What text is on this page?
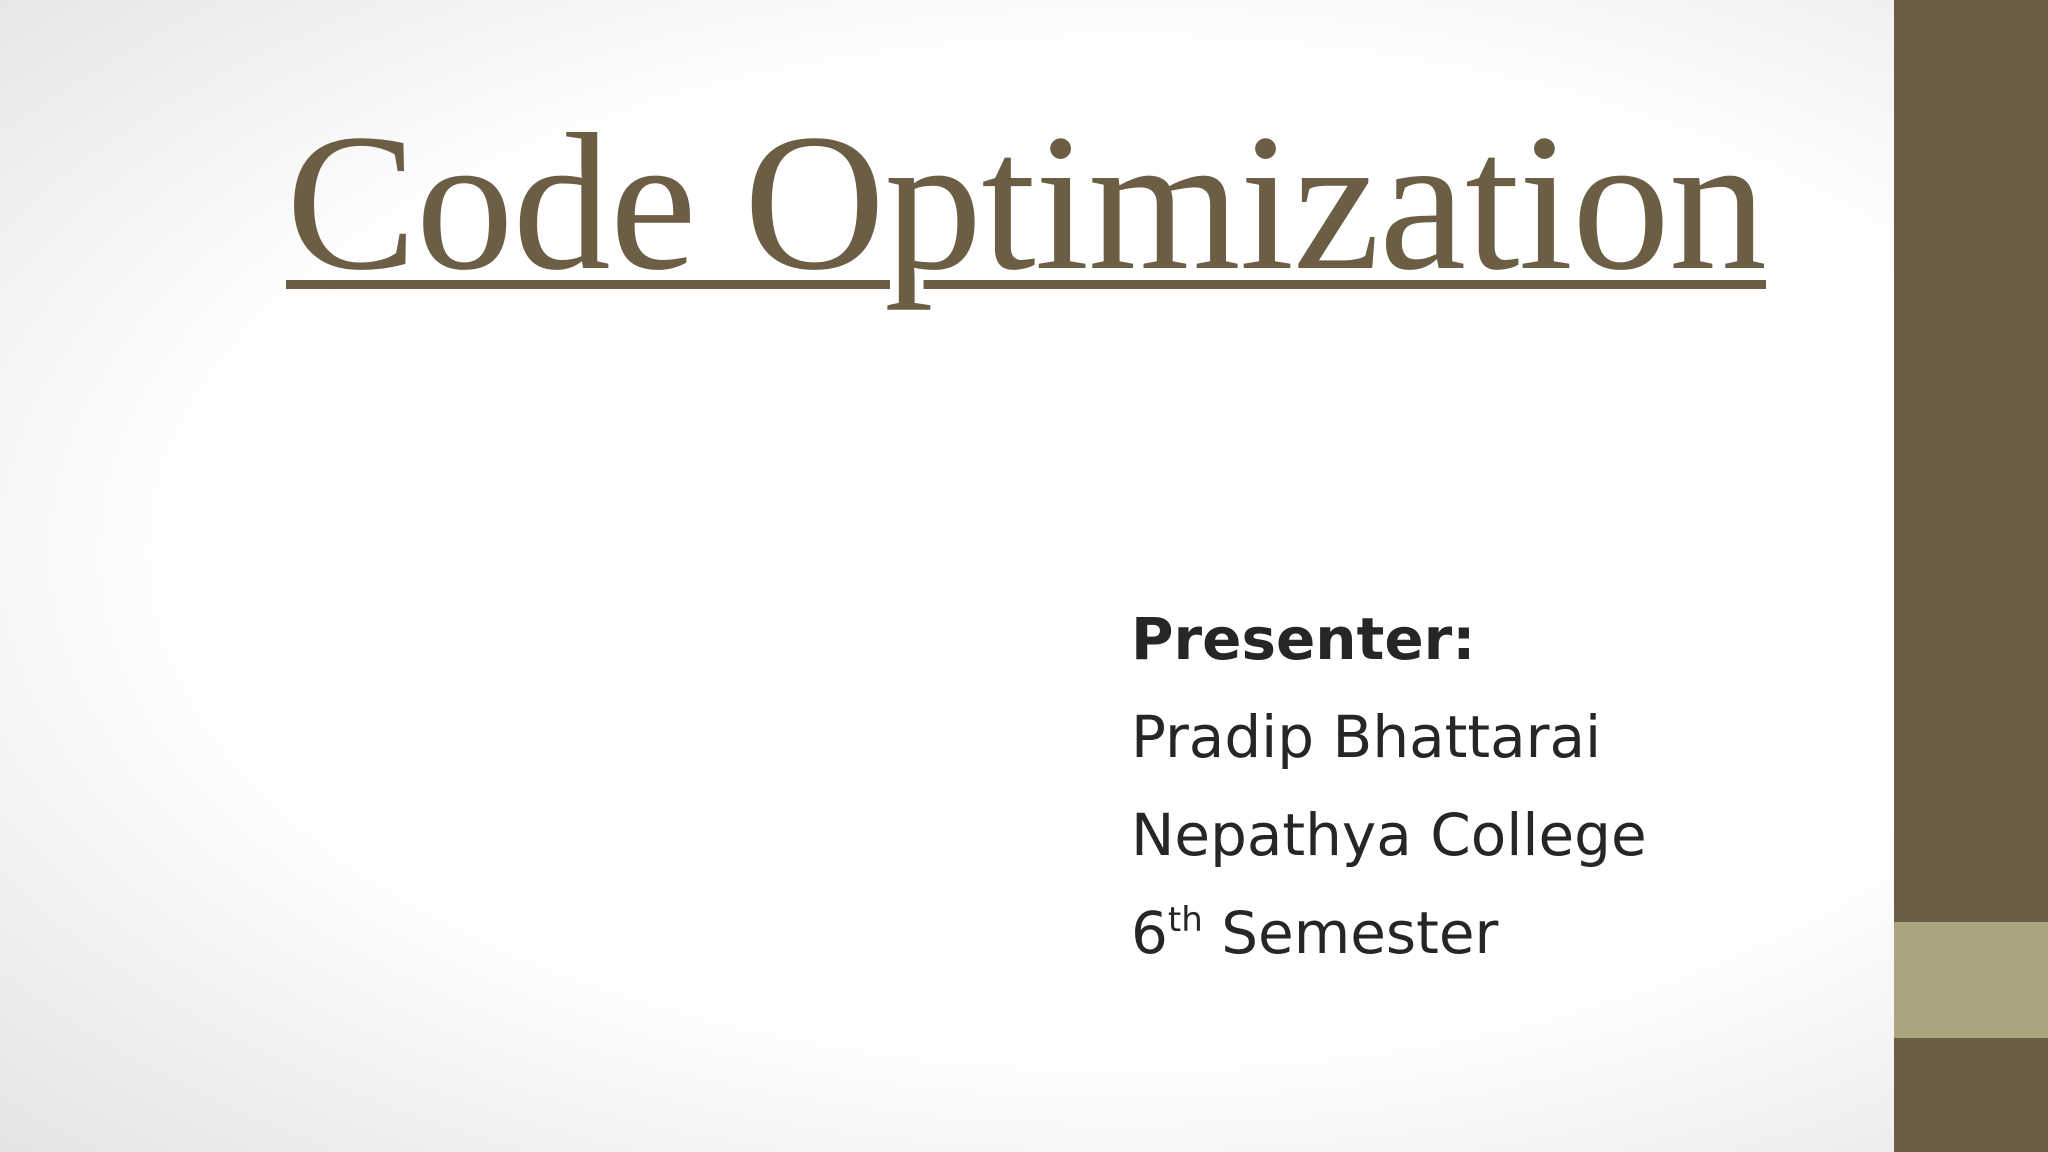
Code Optimization
Presenter:
Pradip Bhattarai
Nepathya College
6th Semester
